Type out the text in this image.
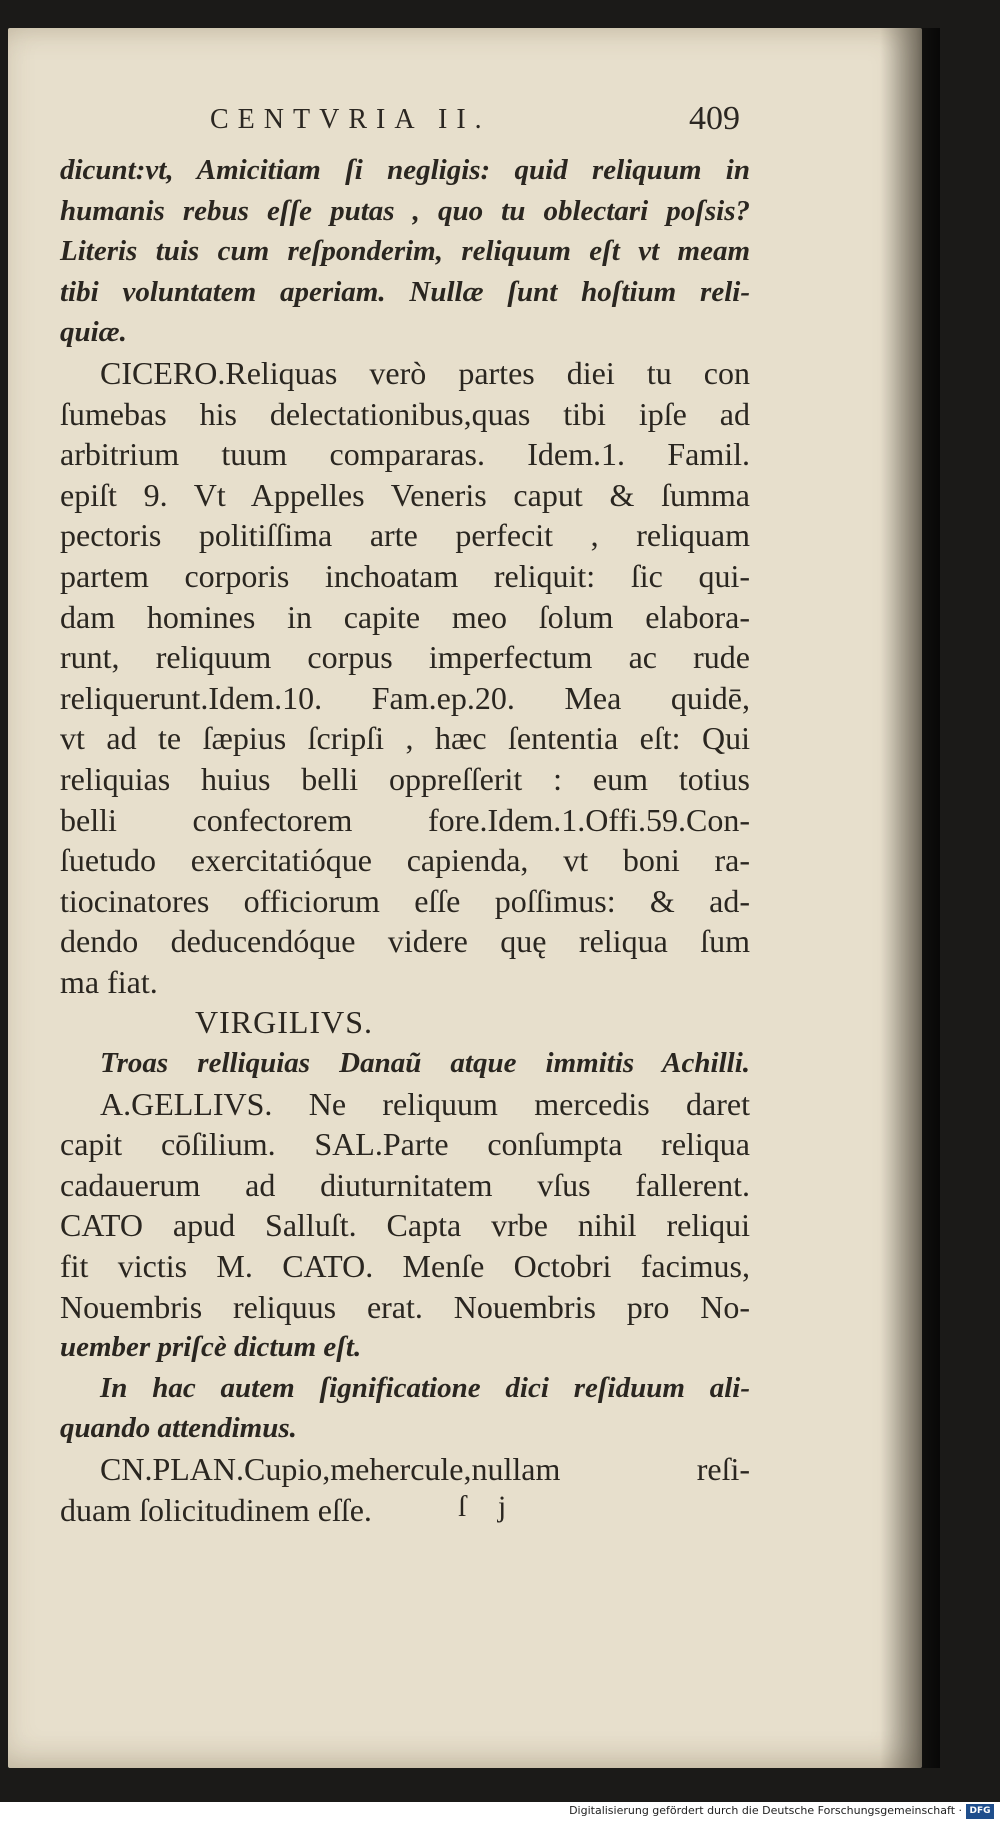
CENTVRIA II.	409
dicunt:vt, Amicitiam ſi negligis: quid reliquum in
humanis rebus eſſe putas , quo tu oblectari poſsis?
Literis tuis cum reſponderim, reliquum eſt vt meam
tibi voluntatem aperiam. Nullæ ſunt hoſtium reli-
quiæ.
CICERO.Reliquas verò partes diei tu con
ſumebas his delectationibus,quas tibi ipſe ad
arbitrium tuum compararas. Idem.1. Famil.
epiſt 9. Vt Appelles Veneris caput & ſumma
pectoris politiſſima arte perfecit , reliquam
partem corporis inchoatam reliquit: ſic qui-
dam homines in capite meo ſolum elabora-
runt, reliquum corpus imperfectum ac rude
reliquerunt.Idem.10. Fam.ep.20. Mea quidē,
vt ad te ſæpius ſcripſi , hæc ſententia eſt: Qui
reliquias huius belli oppreſſerit : eum totius
belli confectorem fore.Idem.1.Offi.59.Con-
ſuetudo exercitatióque capienda, vt boni ra-
tiocinatores officiorum eſſe poſſimus: & ad-
dendo deducendóque videre quę reliqua ſum
ma fiat.
VIRGILIVS.
Troas relliquias Danaũ atque immitis Achilli.
A.GELLIVS. Ne reliquum mercedis daret
capit cōſilium. SAL.Parte conſumpta reliqua
cadauerum ad diuturnitatem vſus fallerent.
CATO apud Salluſt. Capta vrbe nihil reliqui
fit victis M. CATO. Menſe Octobri facimus,
Nouembris reliquus erat. Nouembris pro No-
uember priſcè dictum eſt.
In hac autem ſignificatione dici reſiduum ali-
quando attendimus.
CN.PLAN.Cupio,mehercule,nullam reſi-
duam ſolicitudinem eſſe.	ſ j
Digitalisierung gefördert durch die Deutsche Forschungsgemeinschaft · DFG
